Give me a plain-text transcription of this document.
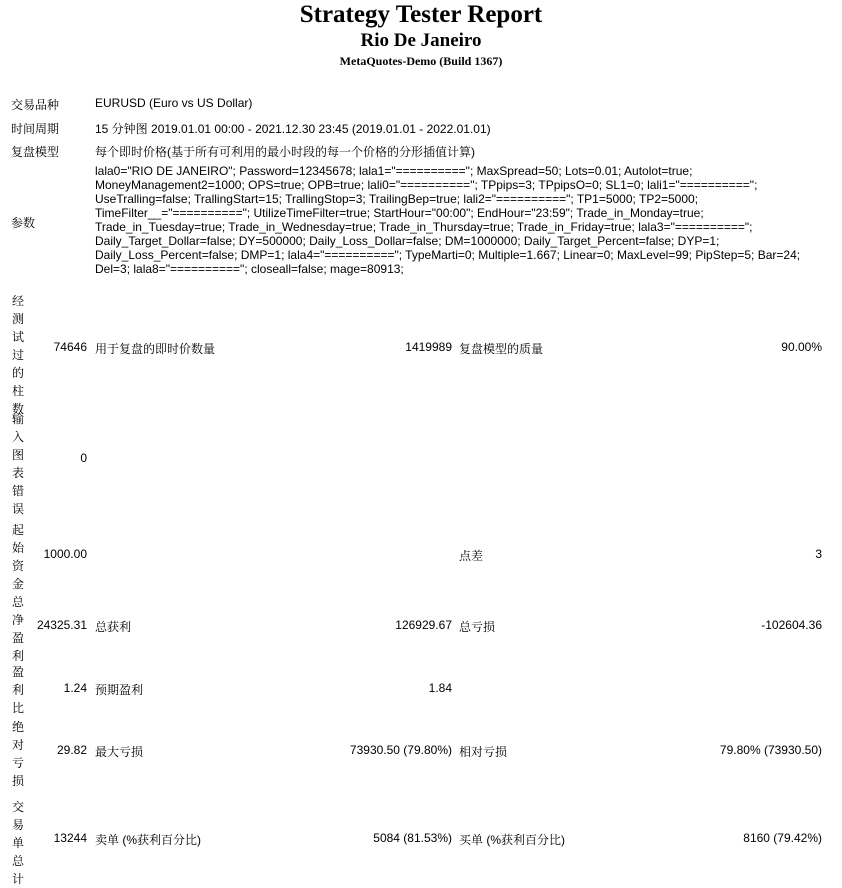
Strategy Tester Report
Rio De Janeiro
MetaQuotes-Demo (Build 1367)
交易品种	EURUSD (Euro vs US Dollar)
时间周期	15 分钟图 2019.01.01 00:00 - 2021.12.30 23:45 (2019.01.01 - 2022.01.01)
复盘模型	每个即时价格(基于所有可利用的最小时段的每一个价格的分形插值计算)
参数
lala0="RIO DE JANEIRO"; Password=12345678; lala1="=========="; MaxSpread=50; Lots=0.01; Autolot=true; MoneyManagement2=1000; OPS=true; OPB=true; lali0="=========="; TPpips=3; TPpipsO=0; SL1=0; lali1="=========="; UseTralling=false; TrallingStart=15; TrallingStop=3; TrailingBep=true; lali2="=========="; TP1=5000; TP2=5000; TimeFilter__="=========="; UtilizeTimeFilter=true; StartHour="00:00"; EndHour="23:59"; Trade_in_Monday=true; Trade_in_Tuesday=true; Trade_in_Wednesday=true; Trade_in_Thursday=true; Trade_in_Friday=true; lala3="=========="; Daily_Target_Dollar=false; DY=500000; Daily_Loss_Dollar=false; DM=1000000; Daily_Target_Percent=false; DYP=1; Daily_Loss_Percent=false; DMP=1; lala4="=========="; TypeMarti=0; Multiple=1.667; Linear=0; MaxLevel=99; PipStep=5; Bar=24; Del=3; lala8="=========="; closeall=false; mage=80913;
经
测
试
过
的
柱
数
74646 用于复盘的即时价数量	1419989 复盘模型的质量	90.00%
输
入
图
表
错
误
0
起
始
资
金
1000.00	点差	3
总
净
盈
利
24325.31 总获利	126929.67 总亏损	-102604.36
盈
利
比
1.24 预期盈利	1.84
绝
对
亏
损
29.82 最大亏损	73930.50 (79.80%) 相对亏损	79.80% (73930.50)
交
易
单
总
计
13244 卖单 (%获利百分比)	5084 (81.53%) 买单 (%获利百分比)	8160 (79.42%)
